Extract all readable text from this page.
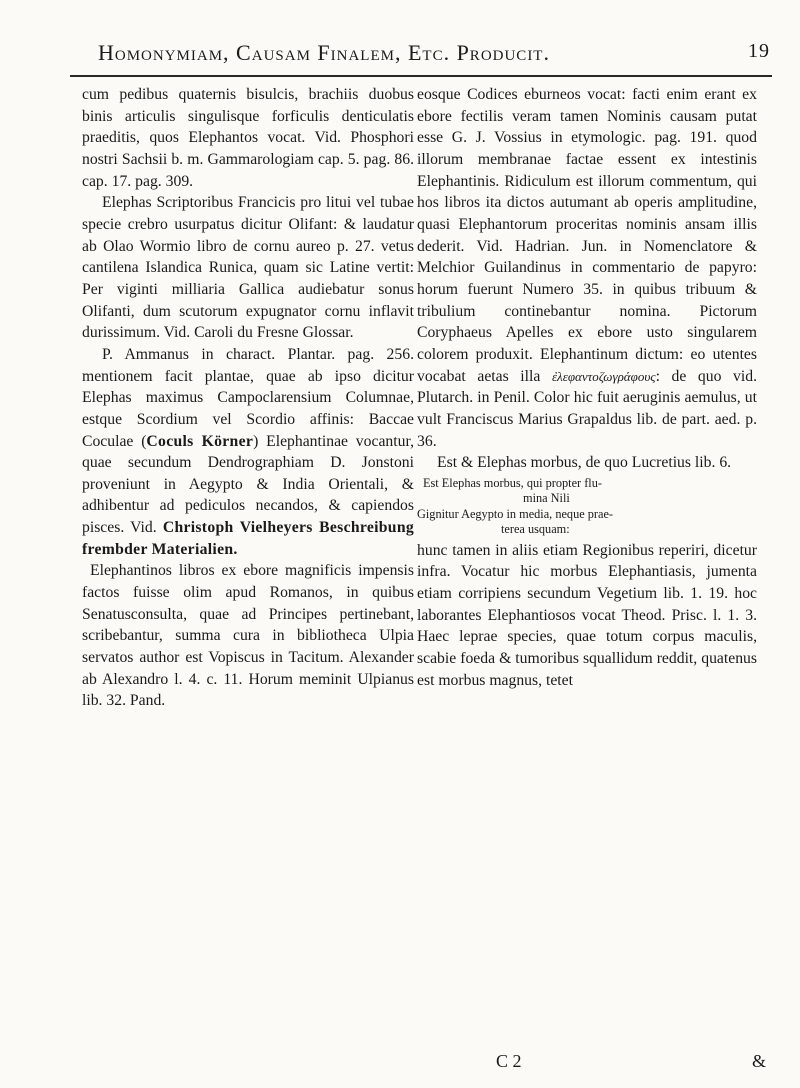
Homonymiam, Causam Finalem, Etc. Producit.	19

cum pedibus quaternis bisulcis, brachiis duobus binis articulis singulisque forficulis denticulatis praeditis, quos Elephantos vocat. Vid. Phosphori nostri Sachsii b. m. Gammarologiam cap. 5. pag. 86. cap. 17. pag. 309.

Elephas Scriptoribus Francicis pro litui vel tubae specie crebro usurpatus dicitur Olifant: & laudatur ab Olao Wormio libro de cornu aureo p. 27. vetus cantilena Islandica Runica, quam sic Latine vertit: Per viginti milliaria Gallica audiebatur sonus Olifanti, dum scutorum expugnator cornu inflavit durissimum. Vid. Caroli du Fresne Glossar.

P. Ammanus in charact. Plantar. pag. 256. mentionem facit plantae, quae ab ipso dicitur Elephas maximus Campoclarensium Columnae, estque Scordium vel Scordio affinis: Baccae Coculae (Coculs Körner) Elephantinae vocantur, quae secundum Dendrographiam D. Jonstoni proveniunt in Aegypto & India Orientali, & adhibentur ad pediculos necandos, & capiendos pisces. Vid. Christoph Vielheyers Beschreibung frembder Materialien.

Elephantinos libros ex ebore magnificis impensis factos fuisse olim apud Romanos, in quibus Senatusconsulta, quae ad Principes pertinebant, scribebantur, summa cura in bibliotheca Ulpia servatos author est Vopiscus in Tacitum. Alexander ab Alexandro l. 4. c. 11. Horum meminit Ulpianus lib. 32. Pand.

eosque Codices eburneos vocat: facti enim erant ex ebore fectilis veram tamen Nominis causam putat esse G. J. Vossius in etymologic. pag. 191. quod illorum membranae factae essent ex intestinis Elephantinis. Ridiculum est illorum commentum, qui hos libros ita dictos autumant ab operis amplitudine, quasi Elephantorum proceritas nominis ansam illis dederit. Vid. Hadrian. Jun. in Nomenclatore & Melchior Guilandinus in commentario de papyro: horum fuerunt Numero 35. in quibus tribuum & tribulium continebantur nomina. Pictorum Coryphaeus Apelles ex ebore usto singularem colorem produxit. Elephantinum dictum: eo utentes vocabat aetas illa ἐλεφαντοζωγράφους: de quo vid. Plutarch. in Penil. Color hic fuit aeruginis aemulus, ut vult Franciscus Marius Grapaldus lib. de part. aed. p. 36.

Est & Elephas morbus, de quo Lucretius lib. 6.

Est Elephas morbus, qui propter flu-
mina Nili
Gignitur Aegypto in media, neque prae-
terea usquam:

hunc tamen in aliis etiam Regionibus reperiri, dicetur infra. Vocatur hic morbus Elephantiasis, jumenta etiam corripiens secundum Vegetium lib. 1. 19. hoc laborantes Elephantiosos vocat Theod. Prisc. l. 1. 3. Haec leprae species, quae totum corpus maculis, scabie foeda & tumoribus squallidum reddit, quatenus est morbus magnus, tetet

C 2	&
